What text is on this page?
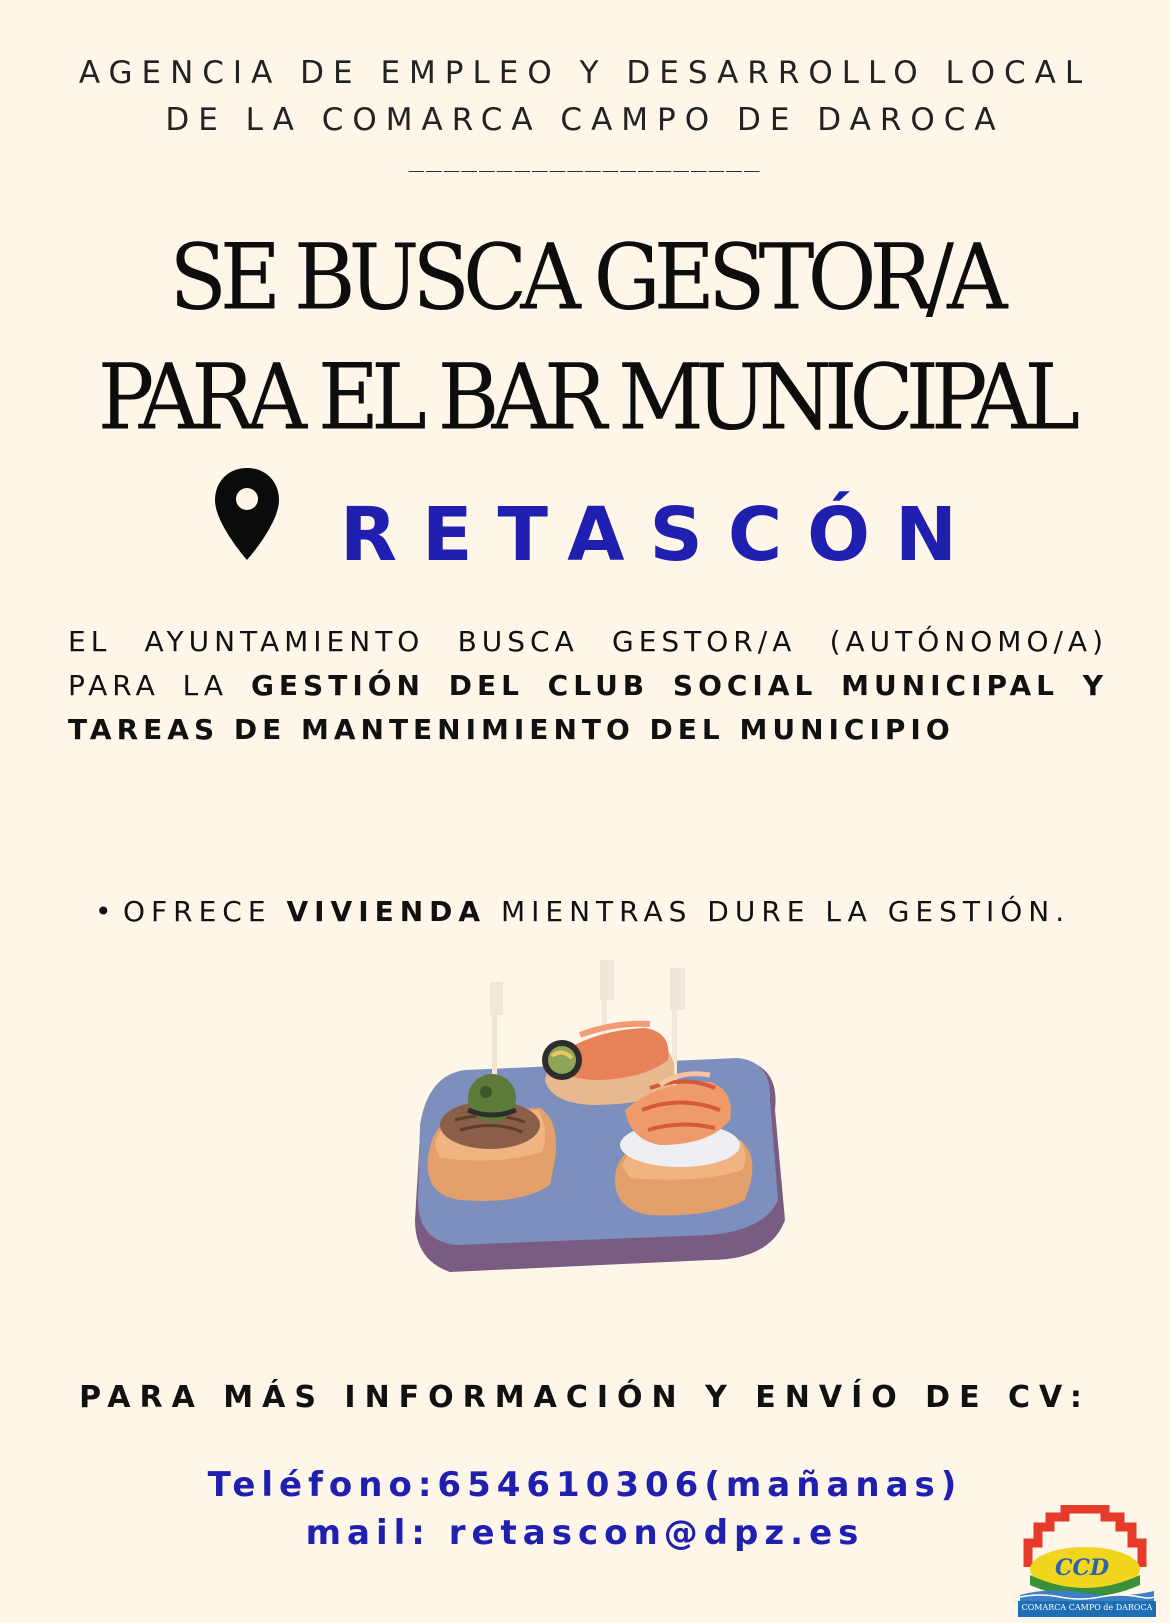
AGENCIA DE EMPLEO Y DESARROLLO LOCAL
DE LA COMARCA CAMPO DE DAROCA
____________________
SE BUSCA GESTOR/A
PARA EL BAR MUNICIPAL
RETASCÓN
EL AYUNTAMIENTO BUSCA GESTOR/A (AUTÓNOMO/A) PARA LA GESTIÓN DEL CLUB SOCIAL MUNICIPAL Y TAREAS DE MANTENIMIENTO DEL MUNICIPIO
• OFRECE VIVIENDA MIENTRAS DURE LA GESTIÓN.
PARA MÁS INFORMACIÓN Y ENVÍO DE CV:
Teléfono:654610306(mañanas)
mail: retascon@dpz.es
CCD
COMARCA CAMPO de DAROCA
